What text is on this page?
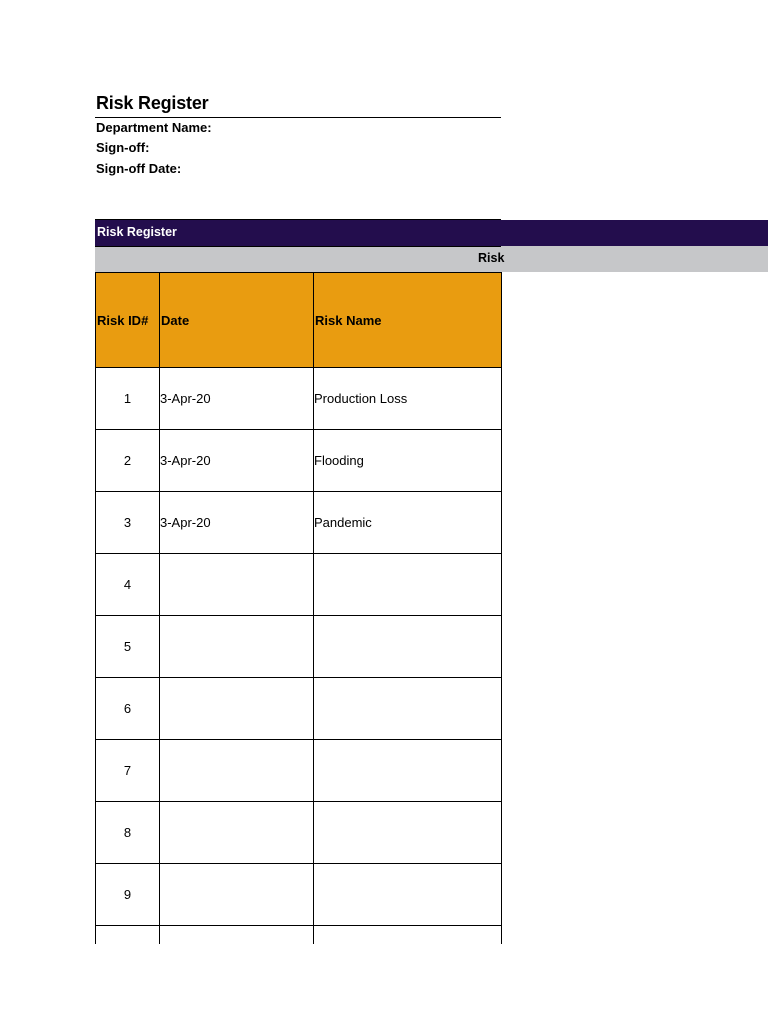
Risk Register
Department Name:
Sign-off:
Sign-off Date:
Risk Register
Risk
Risk ID#	Date	Risk Name
1	3-Apr-20	Production Loss
2	3-Apr-20	Flooding
3	3-Apr-20	Pandemic
4		
5		
6		
7		
8		
9		
